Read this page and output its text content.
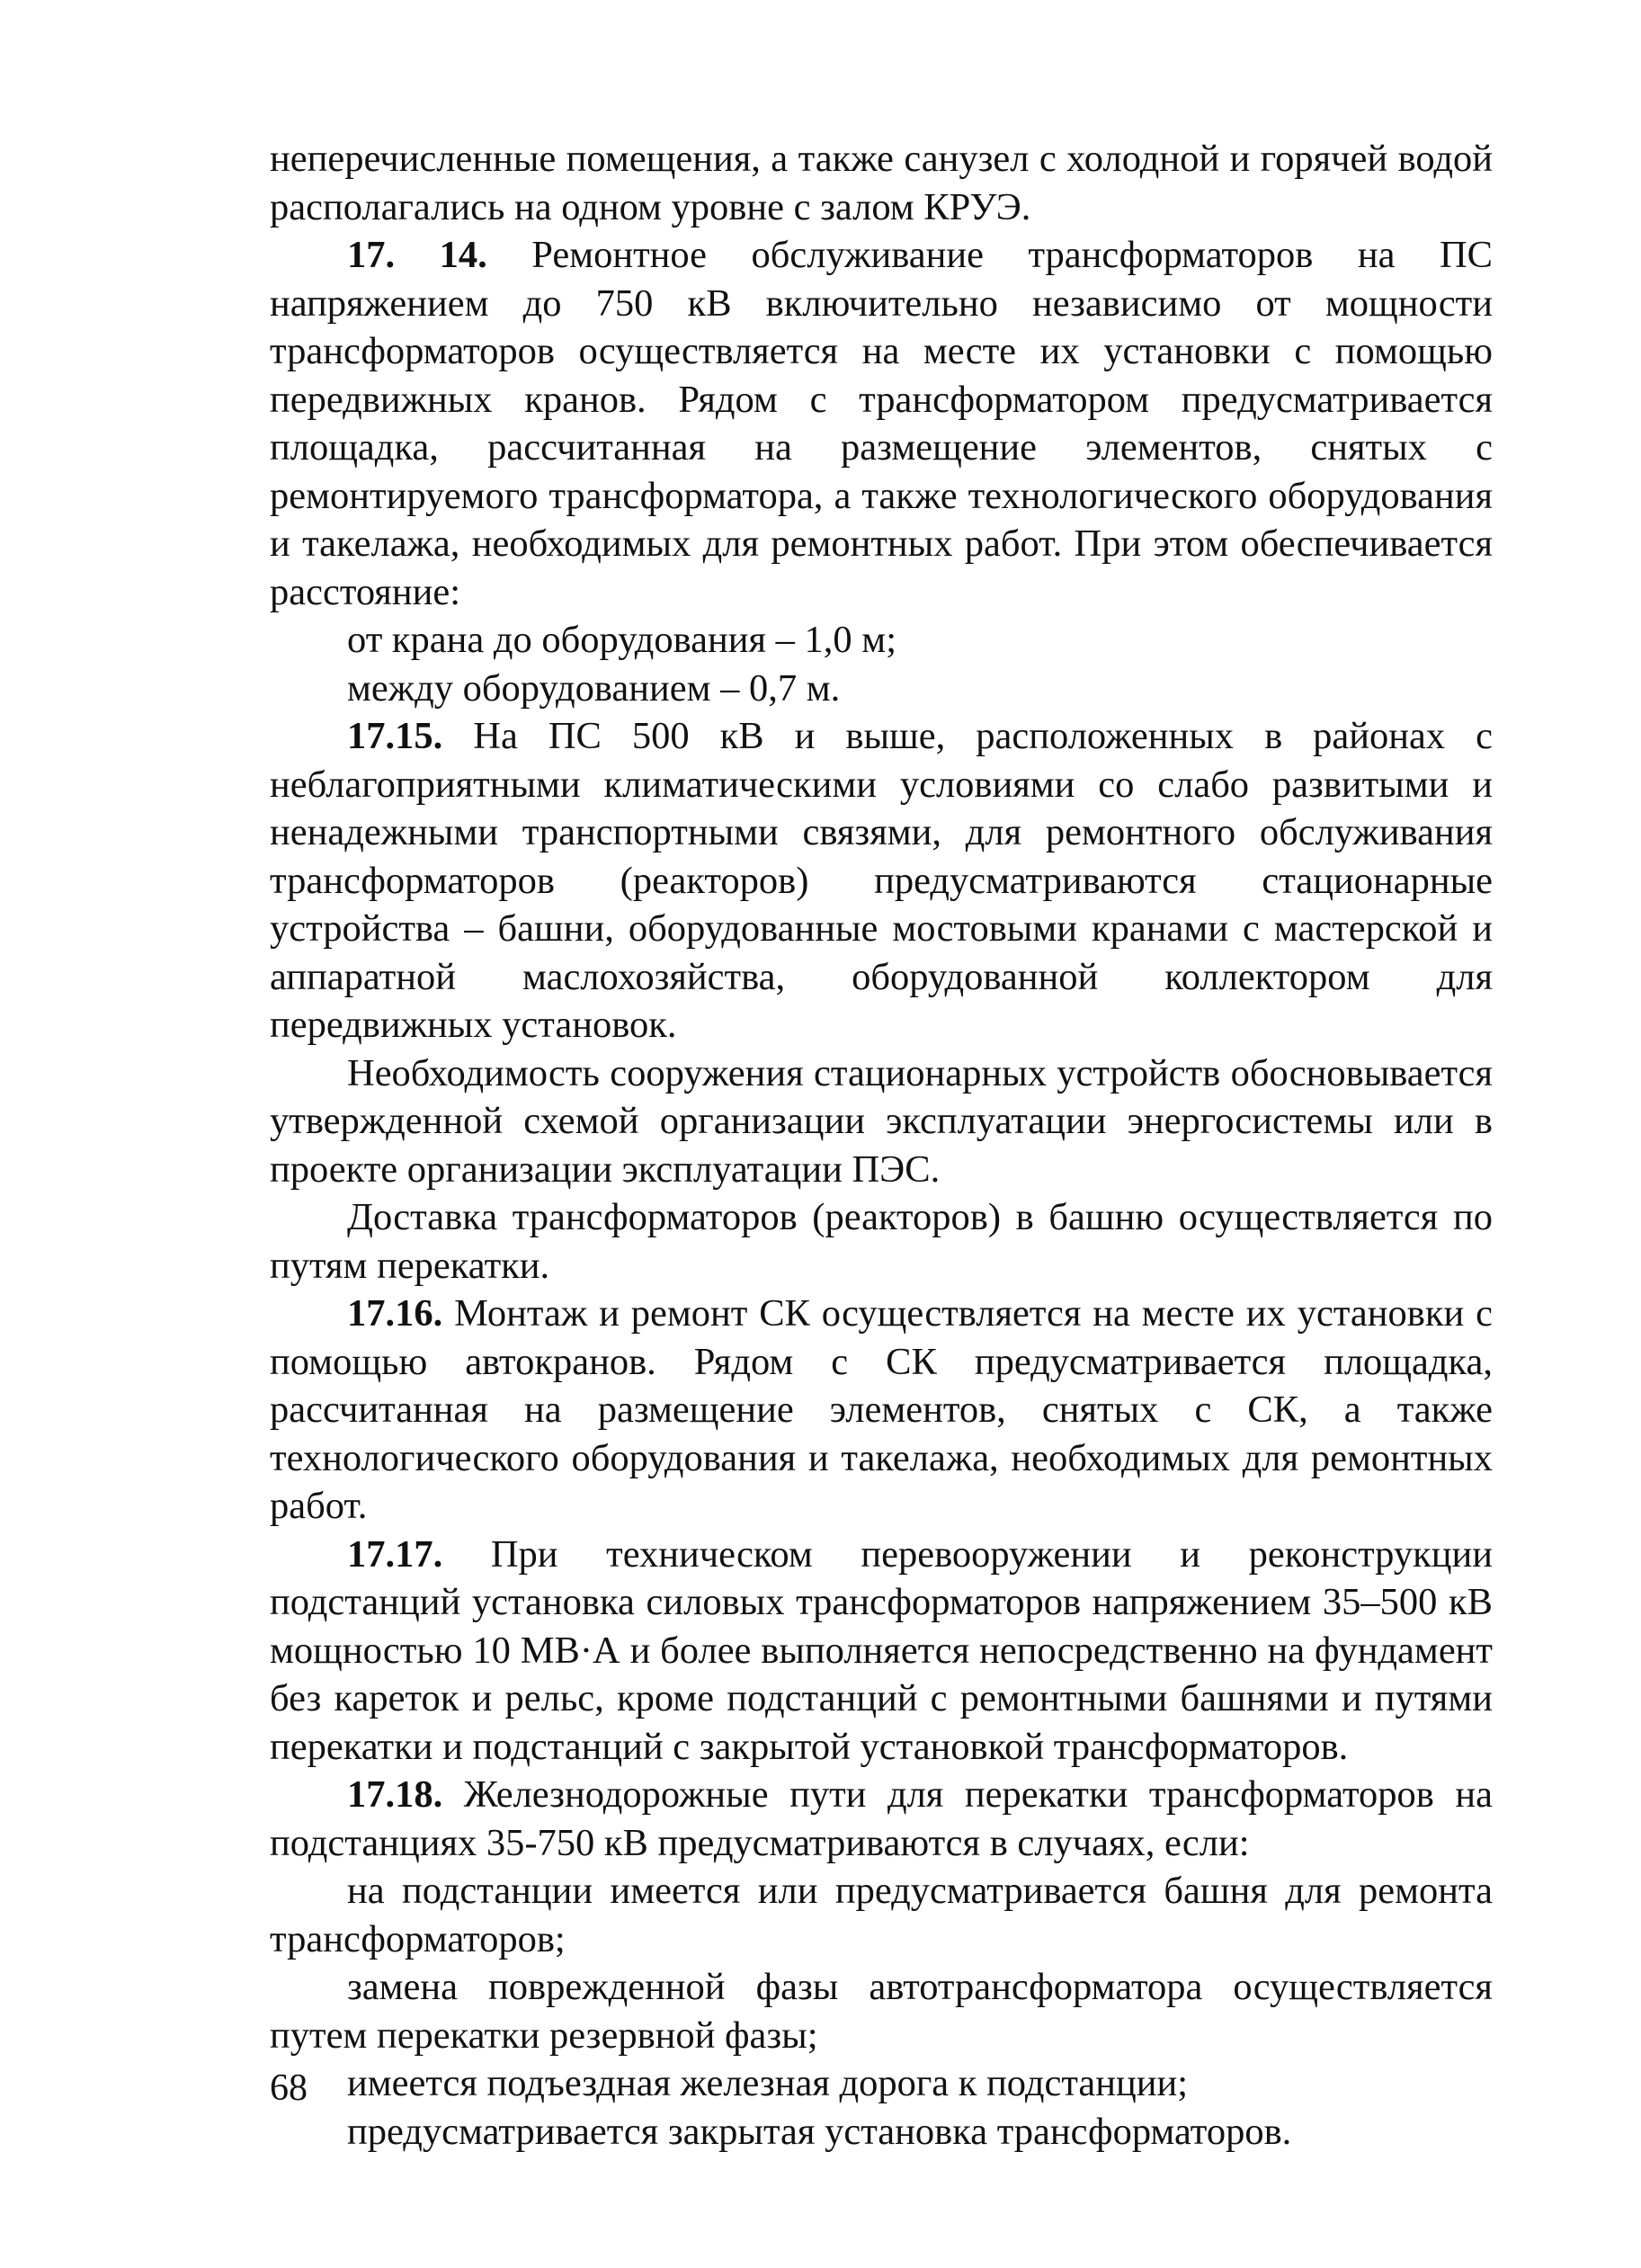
неперечисленные помещения, а также санузел с холодной и горячей водой располагались на одном уровне с залом КРУЭ.

17. 14. Ремонтное обслуживание трансформаторов на ПС напряжением до 750 кВ включительно независимо от мощности трансформаторов осуществляется на месте их установки с помощью передвижных кранов. Рядом с трансформатором предусматривается площадка, рассчитанная на размещение элементов, снятых с ремонтируемого трансформатора, а также технологического оборудования и такелажа, необходимых для ремонтных работ. При этом обеспечивается расстояние:

от крана до оборудования – 1,0 м;

между оборудованием – 0,7 м.

17.15. На ПС 500 кВ и выше, расположенных в районах с неблагоприятными климатическими условиями со слабо развитыми и ненадежными транспортными связями, для ремонтного обслуживания трансформаторов (реакторов) предусматриваются стационарные устройства – башни, оборудованные мостовыми кранами с мастерской и аппаратной маслохозяйства, оборудованной коллектором для передвижных установок.

Необходимость сооружения стационарных устройств обосновывается утвержденной схемой организации эксплуатации энергосистемы или в проекте организации эксплуатации ПЭС.

Доставка трансформаторов (реакторов) в башню осуществляется по путям перекатки.

17.16. Монтаж и ремонт СК осуществляется на месте их установки с помощью автокранов. Рядом с СК предусматривается площадка, рассчитанная на размещение элементов, снятых с СК, а также технологического оборудования и такелажа, необходимых для ремонтных работ.

17.17. При техническом перевооружении и реконструкции подстанций установка силовых трансформаторов напряжением 35–500 кВ мощностью 10 МВ·А и более выполняется непосредственно на фундамент без кареток и рельс, кроме подстанций с ремонтными башнями и путями перекатки и подстанций с закрытой установкой трансформаторов.

17.18. Железнодорожные пути для перекатки трансформаторов на подстанциях 35-750 кВ предусматриваются в случаях, если:

на подстанции имеется или предусматривается башня для ремонта трансформаторов;

замена поврежденной фазы автотрансформатора осуществляется путем перекатки резервной фазы;

имеется подъездная железная дорога к подстанции;

предусматривается закрытая установка трансформаторов.

68
